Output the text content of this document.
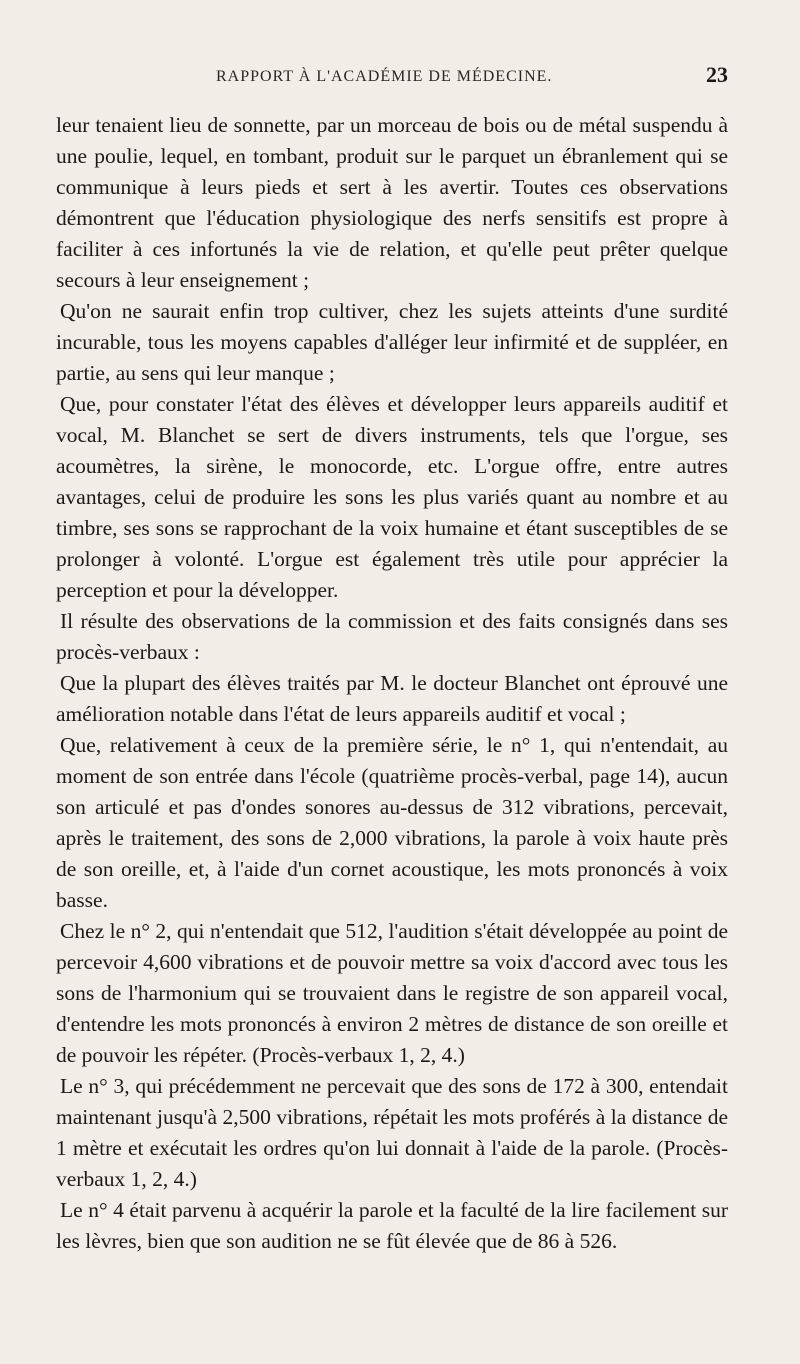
RAPPORT À L'ACADÉMIE DE MÉDECINE.	23

leur tenaient lieu de sonnette, par un morceau de bois ou de métal suspendu à une poulie, lequel, en tombant, produit sur le parquet un ébranlement qui se communique à leurs pieds et sert à les avertir. Toutes ces observations démontrent que l'éducation physiologique des nerfs sensitifs est propre à faciliter à ces infortunés la vie de relation, et qu'elle peut prêter quelque secours à leur enseignement ;

Qu'on ne saurait enfin trop cultiver, chez les sujets atteints d'une surdité incurable, tous les moyens capables d'alléger leur infirmité et de suppléer, en partie, au sens qui leur manque ;

Que, pour constater l'état des élèves et développer leurs appareils auditif et vocal, M. Blanchet se sert de divers instruments, tels que l'orgue, ses acoumètres, la sirène, le monocorde, etc. L'orgue offre, entre autres avantages, celui de produire les sons les plus variés quant au nombre et au timbre, ses sons se rapprochant de la voix humaine et étant susceptibles de se prolonger à volonté. L'orgue est également très utile pour apprécier la perception et pour la développer.

Il résulte des observations de la commission et des faits consignés dans ses procès-verbaux :

Que la plupart des élèves traités par M. le docteur Blanchet ont éprouvé une amélioration notable dans l'état de leurs appareils auditif et vocal ;

Que, relativement à ceux de la première série, le n° 1, qui n'entendait, au moment de son entrée dans l'école (quatrième procès-verbal, page 14), aucun son articulé et pas d'ondes sonores au-dessus de 312 vibrations, percevait, après le traitement, des sons de 2,000 vibrations, la parole à voix haute près de son oreille, et, à l'aide d'un cornet acoustique, les mots prononcés à voix basse.

Chez le n° 2, qui n'entendait que 512, l'audition s'était développée au point de percevoir 4,600 vibrations et de pouvoir mettre sa voix d'accord avec tous les sons de l'harmonium qui se trouvaient dans le registre de son appareil vocal, d'entendre les mots prononcés à environ 2 mètres de distance de son oreille et de pouvoir les répéter. (Procès-verbaux 1, 2, 4.)

Le n° 3, qui précédemment ne percevait que des sons de 172 à 300, entendait maintenant jusqu'à 2,500 vibrations, répétait les mots proférés à la distance de 1 mètre et exécutait les ordres qu'on lui donnait à l'aide de la parole. (Procès-verbaux 1, 2, 4.)

Le n° 4 était parvenu à acquérir la parole et la faculté de la lire facilement sur les lèvres, bien que son audition ne se fût élevée que de 86 à 526.
